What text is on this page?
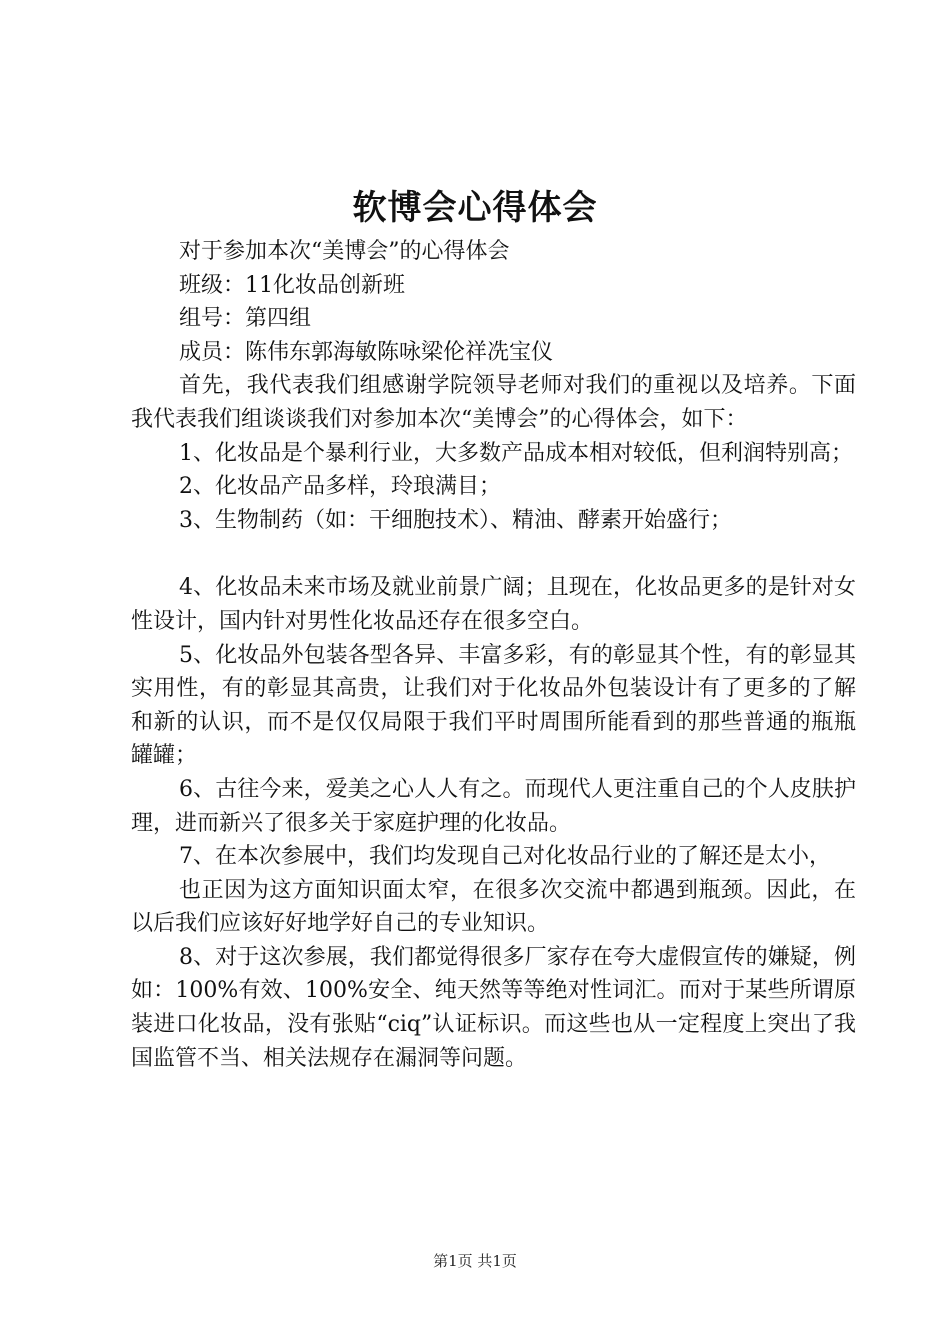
软博会心得体会

对于参加本次“美博会”的心得体会

班级：11化妆品创新班

组号：第四组

成员：陈伟东郭海敏陈咏梁伦祥冼宝仪

首先，我代表我们组感谢学院领导老师对我们的重视以及培养。下面我代表我们组谈谈我们对参加本次“美博会”的心得体会，如下：

1、化妆品是个暴利行业，大多数产品成本相对较低，但利润特别高；

2、化妆品产品多样，玲琅满目；

3、生物制药（如：干细胞技术）、精油、酵素开始盛行；

4、化妆品未来市场及就业前景广阔；且现在，化妆品更多的是针对女性设计，国内针对男性化妆品还存在很多空白。

5、化妆品外包装各型各异、丰富多彩，有的彰显其个性，有的彰显其实用性，有的彰显其高贵，让我们对于化妆品外包装设计有了更多的了解和新的认识，而不是仅仅局限于我们平时周围所能看到的那些普通的瓶瓶罐罐；

6、古往今来，爱美之心人人有之。而现代人更注重自己的个人皮肤护理，进而新兴了很多关于家庭护理的化妆品。

7、在本次参展中，我们均发现自己对化妆品行业的了解还是太小，

也正因为这方面知识面太窄，在很多次交流中都遇到瓶颈。因此，在以后我们应该好好地学好自己的专业知识。

8、对于这次参展，我们都觉得很多厂家存在夸大虚假宣传的嫌疑，例如：100%有效、100%安全、纯天然等等绝对性词汇。而对于某些所谓原装进口化妆品，没有张贴“ciq”认证标识。而这些也从一定程度上突出了我国监管不当、相关法规存在漏洞等问题。

第1页 共1页
